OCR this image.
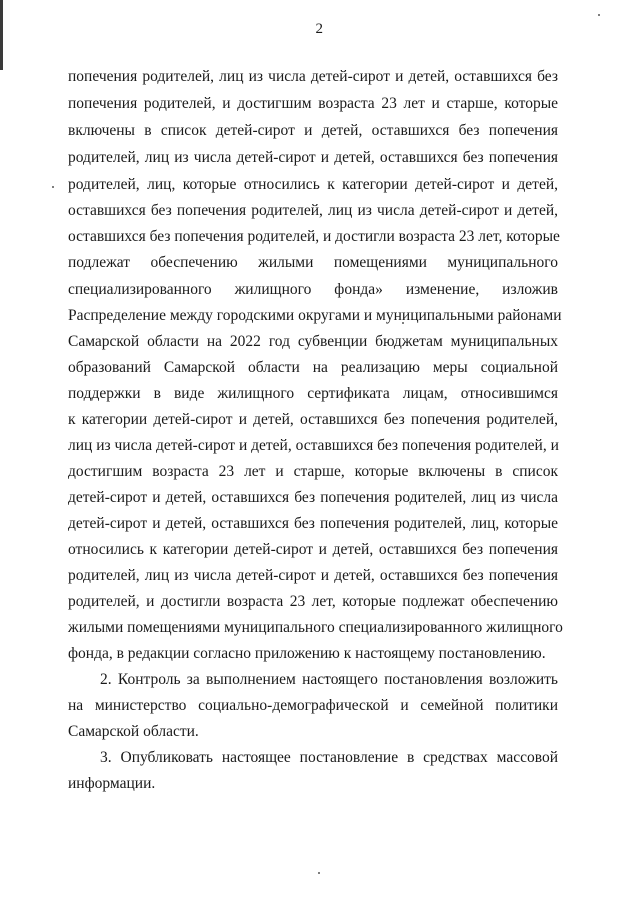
2
попечения родителей, лиц из числа детей-сирот и детей, оставшихся без
попечения родителей, и достигшим возраста 23 лет и старше, которые
включены в список детей-сирот и детей, оставшихся без попечения
родителей, лиц из числа детей-сирот и детей, оставшихся без попечения
родителей, лиц, которые относились к категории детей-сирот и детей,
оставшихся без попечения родителей, лиц из числа детей-сирот и детей,
оставшихся без попечения родителей, и достигли возраста 23 лет, которые
подлежат обеспечению жилыми помещениями муниципального
специализированного жилищного фонда» изменение, изложив
Распределение между городскими округами и муниципальными районами
Самарской области на 2022 год субвенции бюджетам муниципальных
образований Самарской области на реализацию меры социальной
поддержки в виде жилищного сертификата лицам, относившимся
к категории детей-сирот и детей, оставшихся без попечения родителей,
лиц из числа детей-сирот и детей, оставшихся без попечения родителей, и
достигшим возраста 23 лет и старше, которые включены в список
детей-сирот и детей, оставшихся без попечения родителей, лиц из числа
детей-сирот и детей, оставшихся без попечения родителей, лиц, которые
относились к категории детей-сирот и детей, оставшихся без попечения
родителей, лиц из числа детей-сирот и детей, оставшихся без попечения
родителей, и достигли возраста 23 лет, которые подлежат обеспечению
жилыми помещениями муниципального специализированного жилищного
фонда, в редакции согласно приложению к настоящему постановлению.
2. Контроль за выполнением настоящего постановления возложить
на министерство социально-демографической и семейной политики
Самарской области.
3. Опубликовать настоящее постановление в средствах массовой
информации.
